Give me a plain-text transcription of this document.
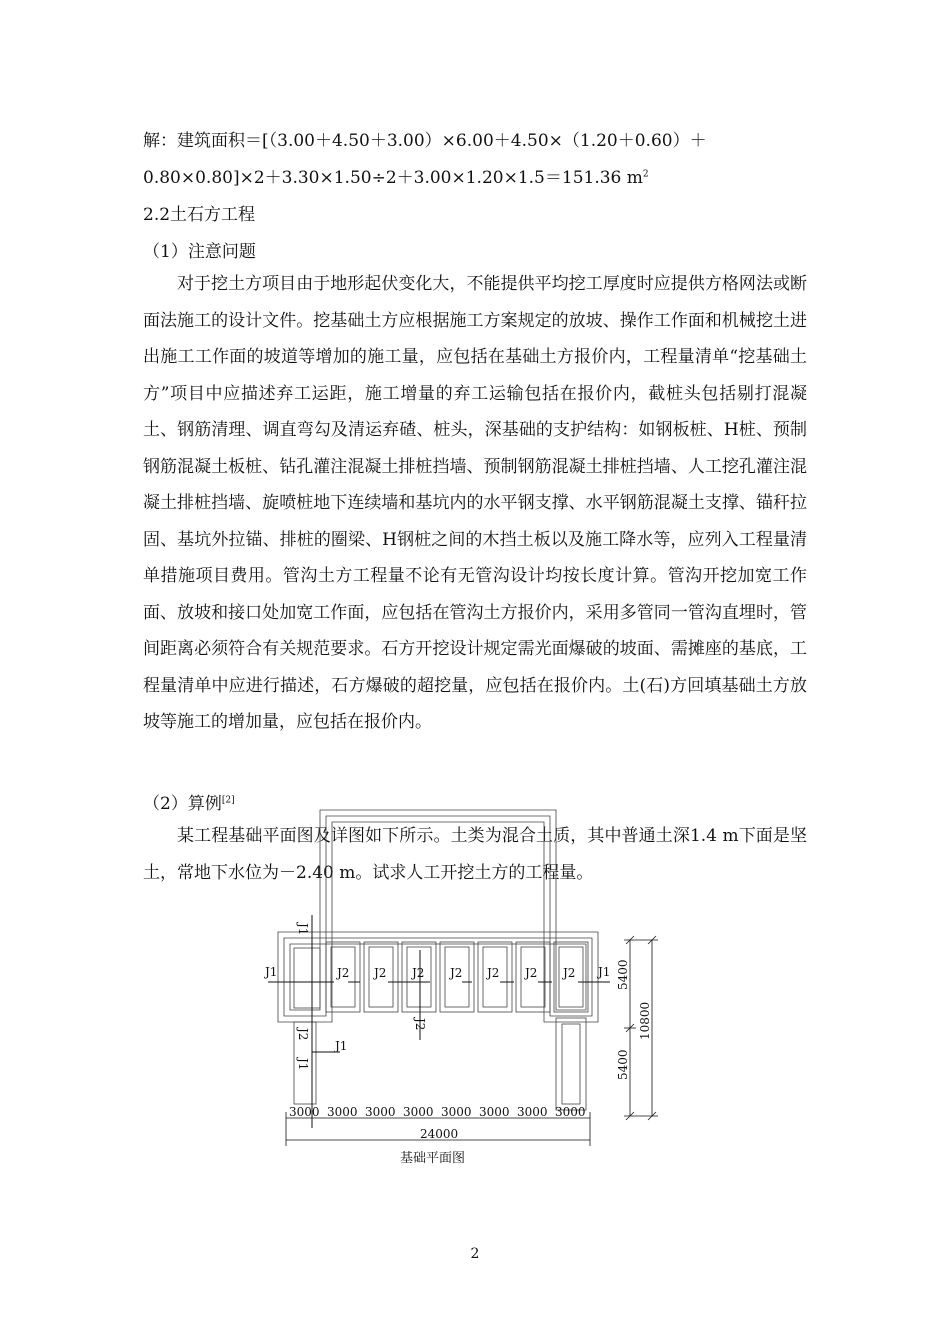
解：建筑面积＝[（3.00＋4.50＋3.00）×6.00＋4.50×（1.20＋0.60）＋
0.80×0.80]×2＋3.30×1.50÷2＋3.00×1.20×1.5＝151.36 $m^2$
2.2土石方工程
（1）注意问题

对于挖土方项目由于地形起伏变化大，不能提供平均挖工厚度时应提供方格网法或断面法施工的设计文件。挖基础土方应根据施工方案规定的放坡、操作工作面和机械挖土进出施工工作面的坡道等增加的施工量，应包括在基础土方报价内，工程量清单“挖基础土方”项目中应描述弃工运距，施工增量的弃工运输包括在报价内，截桩头包括剔打混凝土、钢筋清理、调直弯勾及清运弃碴、桩头，深基础的支护结构：如钢板桩、H桩、预制钢筋混凝土板桩、钻孔灌注混凝土排桩挡墙、预制钢筋混凝土排桩挡墙、人工挖孔灌注混凝土排桩挡墙、旋喷桩地下连续墙和基坑内的水平钢支撑、水平钢筋混凝土支撑、锚秆拉固、基坑外拉锚、排桩的圈梁、H钢桩之间的木挡土板以及施工降水等，应列入工程量清单措施项目费用。管沟土方工程量不论有无管沟设计均按长度计算。管沟开挖加宽工作面、放坡和接口处加宽工作面，应包括在管沟土方报价内，采用多管同一管沟直埋时，管间距离必须符合有关规范要求。石方开挖设计规定需光面爆破的坡面、需摊座的基底，工程量清单中应进行描述，石方爆破的超挖量，应包括在报价内。土(石)方回填基础土方放坡等施工的增加量，应包括在报价内。

（2）算例[2]

某工程基础平面图及详图如下所示。土类为混合土质，其中普通土深1.4 m下面是坚土，常地下水位为－2.40 m。试求人工开挖土方的工程量。

J1	J1
J2 J2 J2 J2 J2 J2 J2
J1
J1
J1
J2
J2
5400
5400
10800
3000 3000 3000 3000 3000 3000 3000 3000
24000
基础平面图
2
